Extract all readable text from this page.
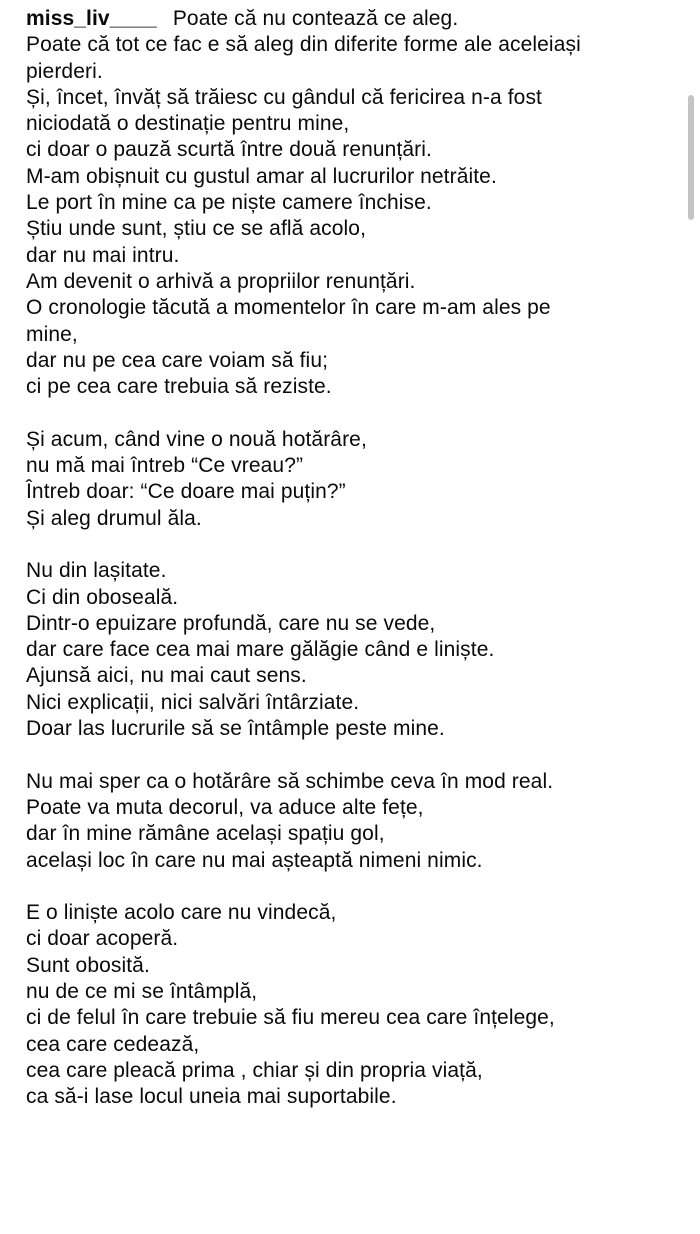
miss_liv____ Poate că nu contează ce aleg.
Poate că tot ce fac e să aleg din diferite forme ale aceleiași
pierderi.
Și, încet, învăț să trăiesc cu gândul că fericirea n-a fost
niciodată o destinație pentru mine,
ci doar o pauză scurtă între două renunțări.
M-am obișnuit cu gustul amar al lucrurilor netrăite.
Le port în mine ca pe niște camere închise.
Știu unde sunt, știu ce se află acolo,
dar nu mai intru.
Am devenit o arhivă a propriilor renunțări.
O cronologie tăcută a momentelor în care m-am ales pe
mine,
dar nu pe cea care voiam să fiu;
ci pe cea care trebuia să reziste.
Și acum, când vine o nouă hotărâre,
nu mă mai întreb “Ce vreau?”
Întreb doar: “Ce doare mai puțin?”
Și aleg drumul ăla.
Nu din lașitate.
Ci din oboseală.
Dintr-o epuizare profundă, care nu se vede,
dar care face cea mai mare gălăgie când e liniște.
Ajunsă aici, nu mai caut sens.
Nici explicații, nici salvări întârziate.
Doar las lucrurile să se întâmple peste mine.
Nu mai sper ca o hotărâre să schimbe ceva în mod real.
Poate va muta decorul, va aduce alte fețe,
dar în mine rămâne același spațiu gol,
același loc în care nu mai așteaptă nimeni nimic.
E o liniște acolo care nu vindecă,
ci doar acoperă.
Sunt obosită.
nu de ce mi se întâmplă,
ci de felul în care trebuie să fiu mereu cea care înțelege,
cea care cedează,
cea care pleacă prima , chiar și din propria viață,
ca să-i lase locul uneia mai suportabile.
